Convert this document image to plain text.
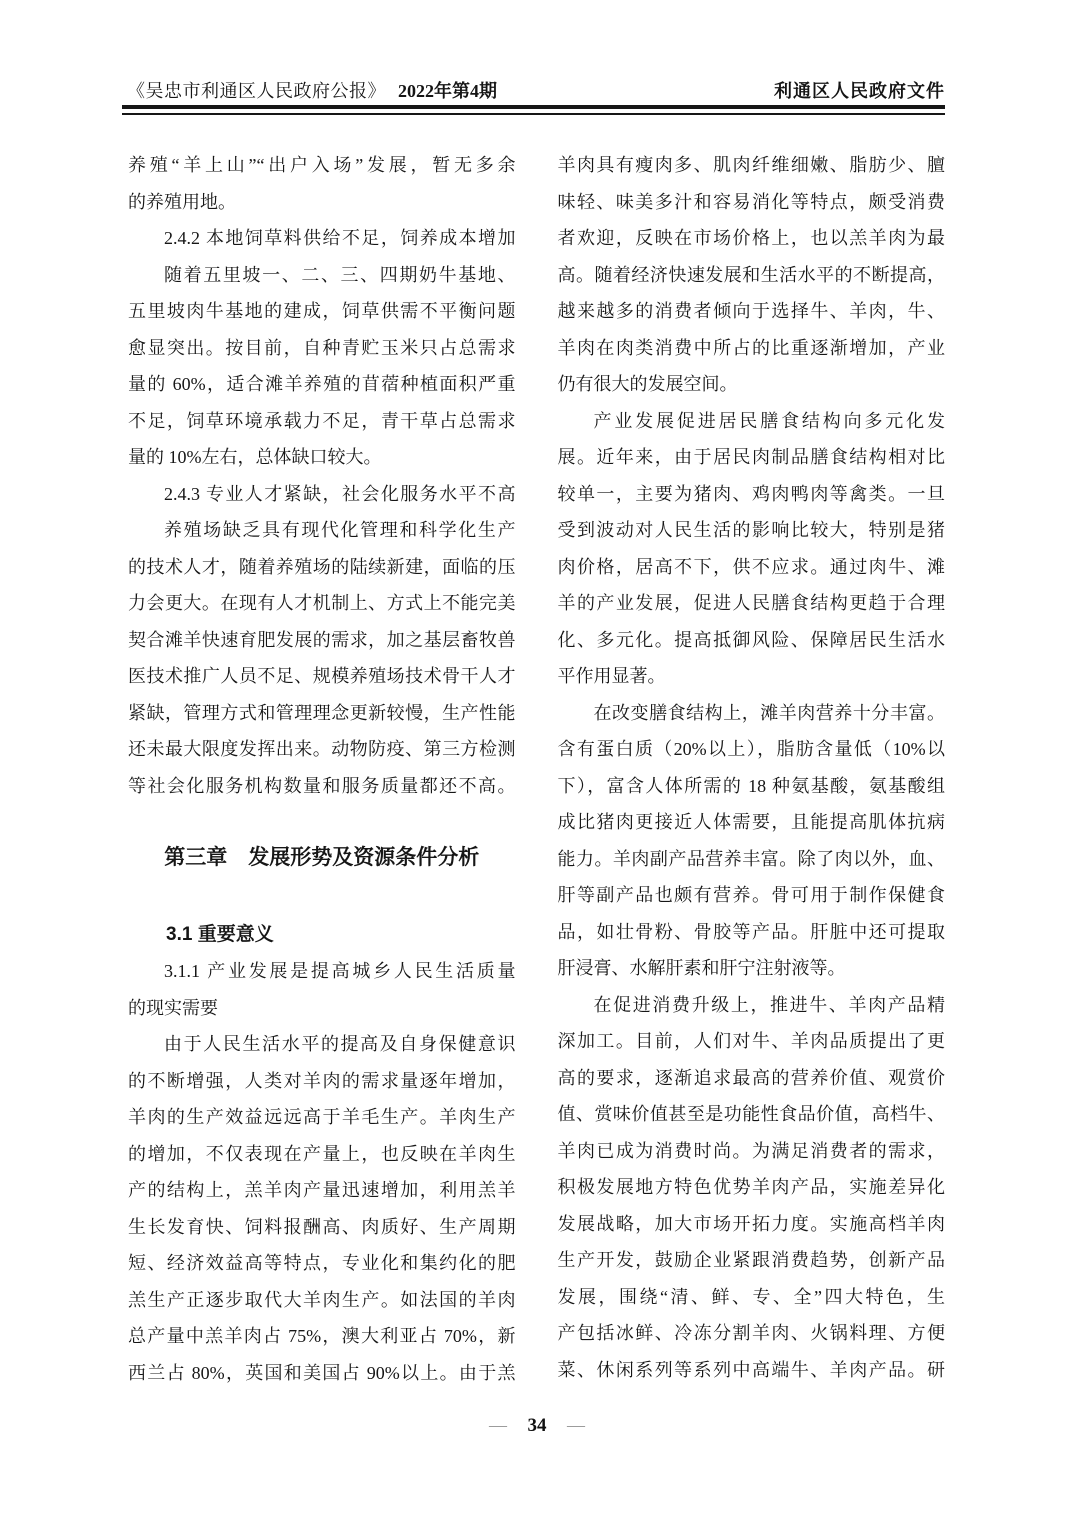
《吴忠市利通区人民政府公报》 2022年第4期	利通区人民政府文件
养殖“羊上山”“出户入场”发展，暂无多余
的养殖用地。
2.4.2 本地饲草料供给不足，饲养成本增加
随着五里坡一、二、三、四期奶牛基地、
五里坡肉牛基地的建成，饲草供需不平衡问题
愈显突出。按目前，自种青贮玉米只占总需求
量的 60%，适合滩羊养殖的苜蓿种植面积严重
不足，饲草环境承载力不足，青干草占总需求
量的 10%左右，总体缺口较大。
2.4.3 专业人才紧缺，社会化服务水平不高
养殖场缺乏具有现代化管理和科学化生产
的技术人才，随着养殖场的陆续新建，面临的压
力会更大。在现有人才机制上、方式上不能完美
契合滩羊快速育肥发展的需求，加之基层畜牧兽
医技术推广人员不足、规模养殖场技术骨干人才
紧缺，管理方式和管理理念更新较慢，生产性能
还未最大限度发挥出来。动物防疫、第三方检测
等社会化服务机构数量和服务质量都还不高。
第三章　发展形势及资源条件分析
3.1 重要意义
3.1.1 产业发展是提高城乡人民生活质量
的现实需要
由于人民生活水平的提高及自身保健意识
的不断增强，人类对羊肉的需求量逐年增加，
羊肉的生产效益远远高于羊毛生产。羊肉生产
的增加，不仅表现在产量上，也反映在羊肉生
产的结构上，羔羊肉产量迅速增加，利用羔羊
生长发育快、饲料报酬高、肉质好、生产周期
短、经济效益高等特点，专业化和集约化的肥
羔生产正逐步取代大羊肉生产。如法国的羊肉
总产量中羔羊肉占 75%，澳大利亚占 70%，新
西兰占 80%，英国和美国占 90%以上。由于羔
羊肉具有瘦肉多、肌肉纤维细嫩、脂肪少、膻
味轻、味美多汁和容易消化等特点，颇受消费
者欢迎，反映在市场价格上，也以羔羊肉为最
高。随着经济快速发展和生活水平的不断提高，
越来越多的消费者倾向于选择牛、羊肉，牛、
羊肉在肉类消费中所占的比重逐渐增加，产业
仍有很大的发展空间。
产业发展促进居民膳食结构向多元化发
展。近年来，由于居民肉制品膳食结构相对比
较单一，主要为猪肉、鸡肉鸭肉等禽类。一旦
受到波动对人民生活的影响比较大，特别是猪
肉价格，居高不下，供不应求。通过肉牛、滩
羊的产业发展，促进人民膳食结构更趋于合理
化、多元化。提高抵御风险、保障居民生活水
平作用显著。
在改变膳食结构上，滩羊肉营养十分丰富。
含有蛋白质（20%以上），脂肪含量低（10%以
下），富含人体所需的 18 种氨基酸，氨基酸组
成比猪肉更接近人体需要，且能提高肌体抗病
能力。羊肉副产品营养丰富。除了肉以外，血、
肝等副产品也颇有营养。骨可用于制作保健食
品，如壮骨粉、骨胶等产品。肝脏中还可提取
肝浸膏、水解肝素和肝宁注射液等。
在促进消费升级上，推进牛、羊肉产品精
深加工。目前，人们对牛、羊肉品质提出了更
高的要求，逐渐追求最高的营养价值、观赏价
值、赏味价值甚至是功能性食品价值，高档牛、
羊肉已成为消费时尚。为满足消费者的需求，
积极发展地方特色优势羊肉产品，实施差异化
发展战略，加大市场开拓力度。实施高档羊肉
生产开发，鼓励企业紧跟消费趋势，创新产品
发展，围绕“清、鲜、专、全”四大特色，生
产包括冰鲜、冷冻分割羊肉、火锅料理、方便
菜、休闲系列等系列中高端牛、羊肉产品。研
— 34 —
